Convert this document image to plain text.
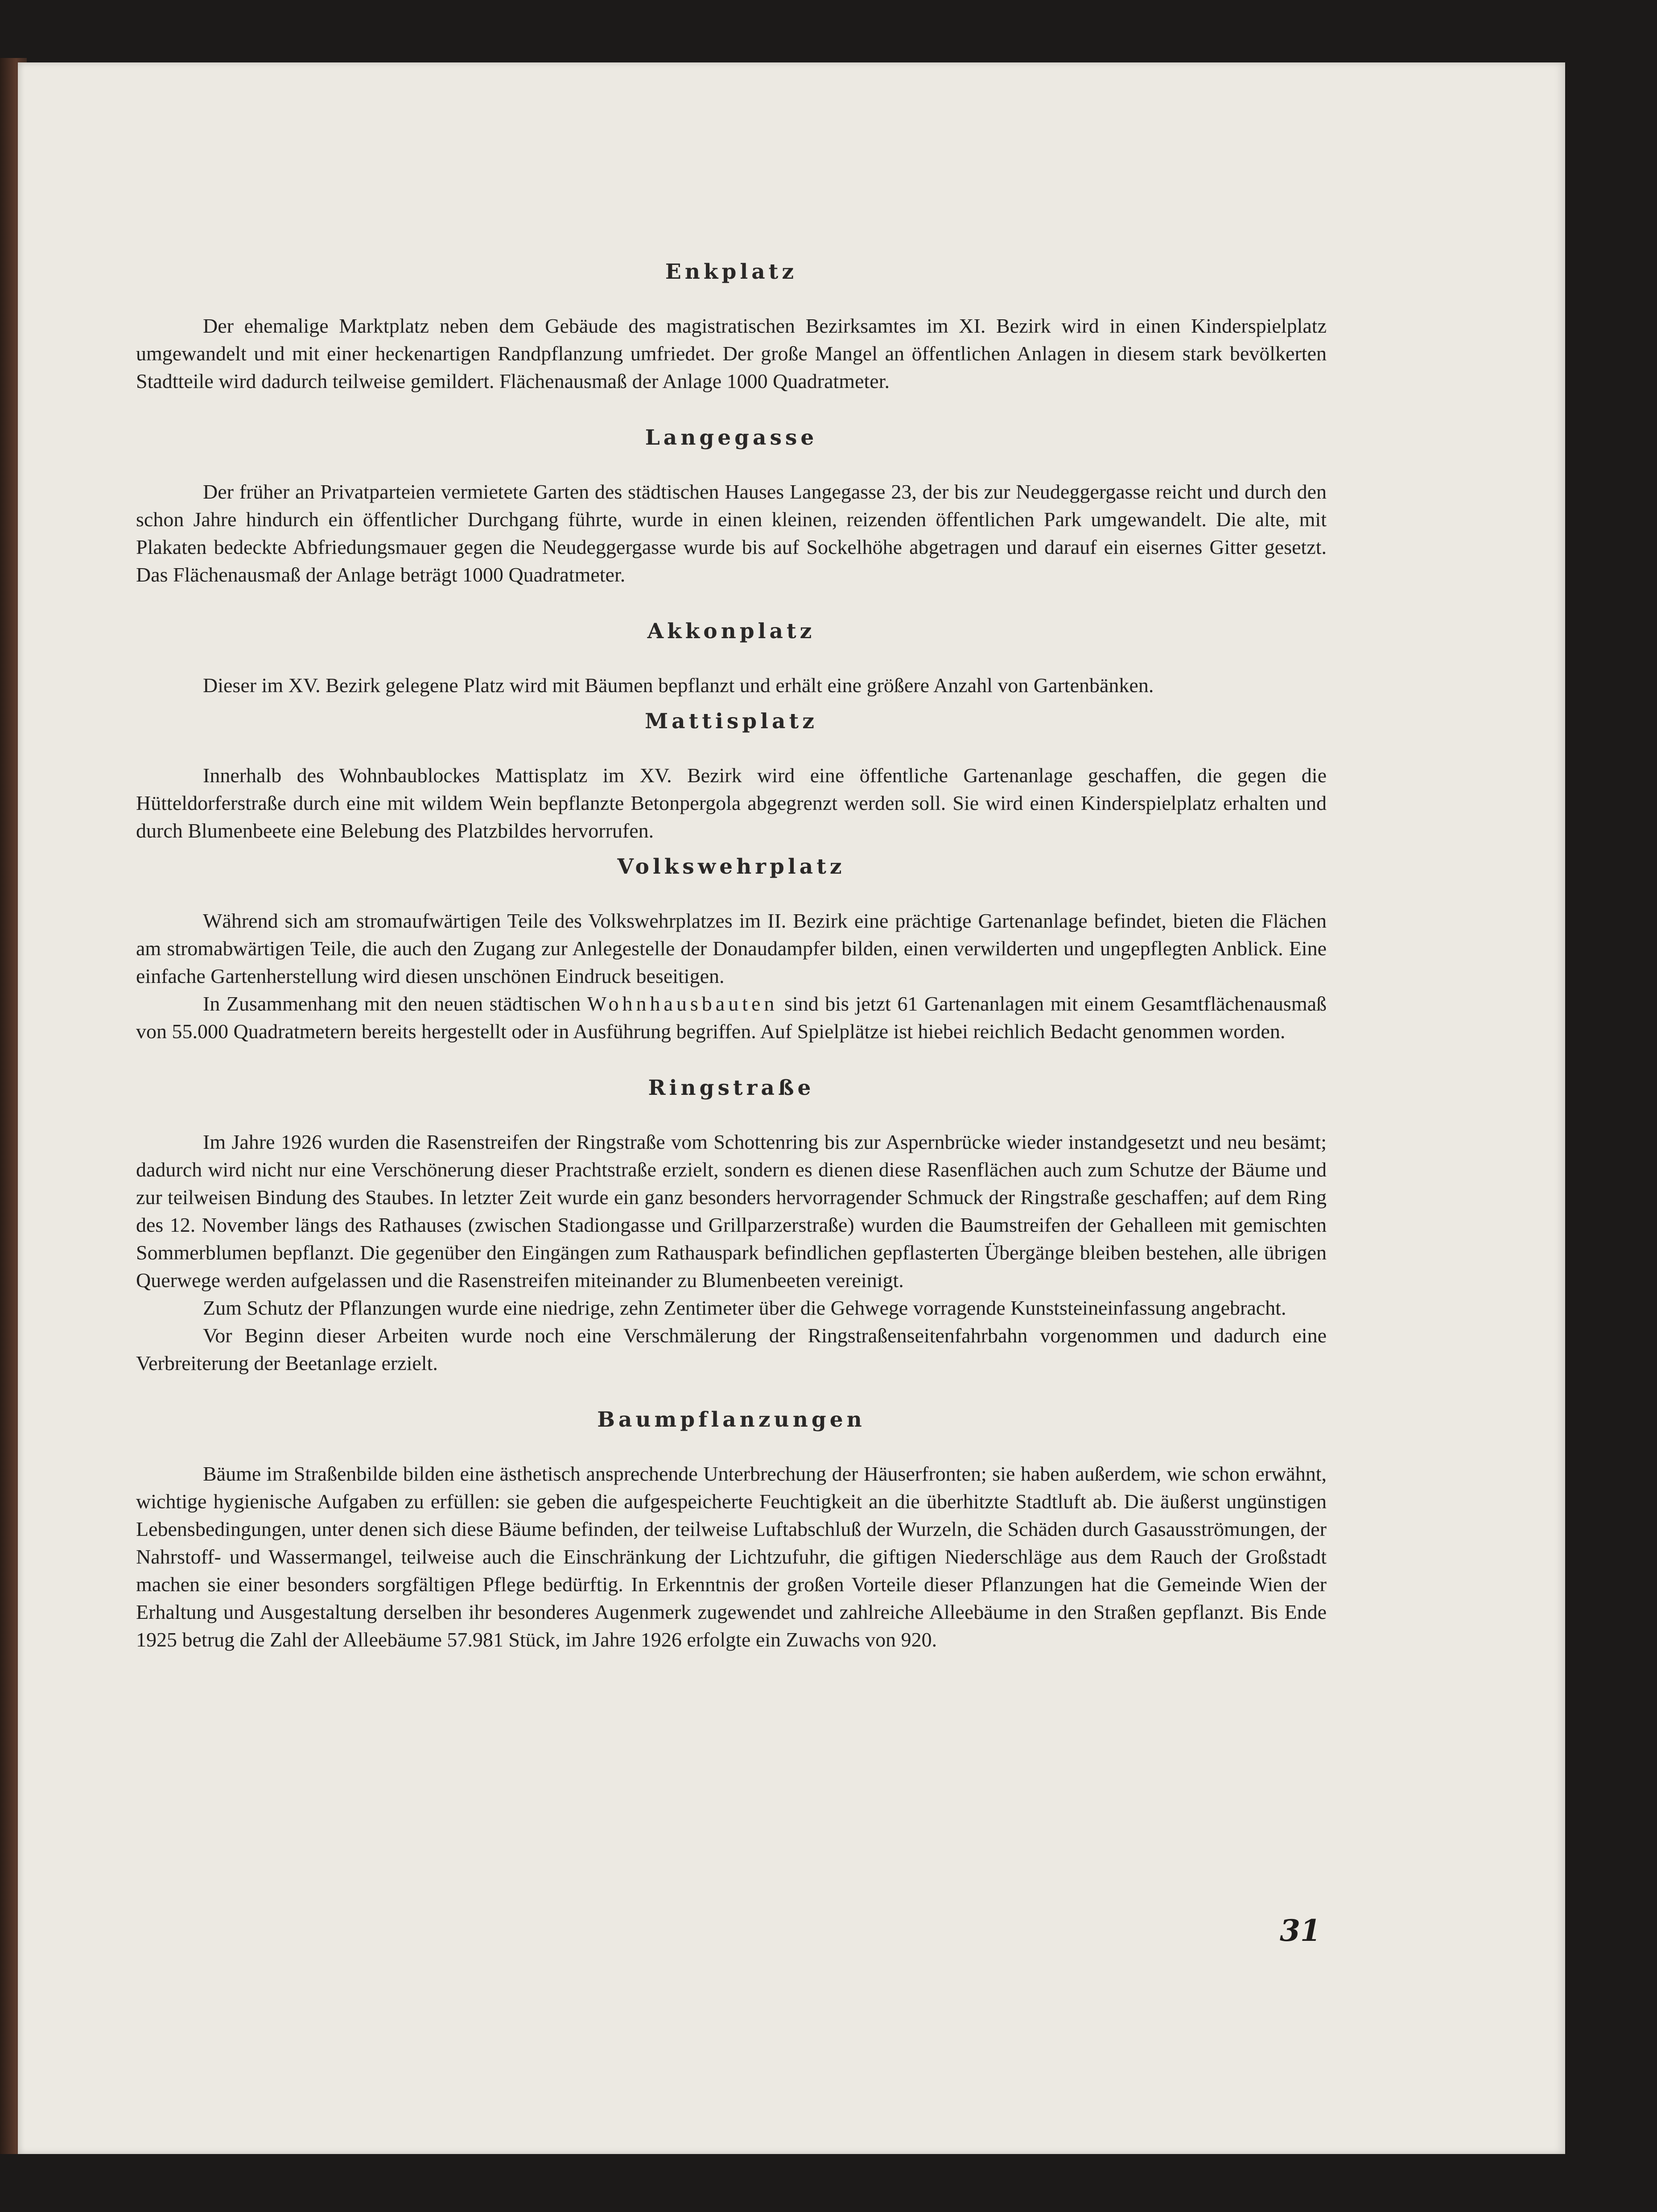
Enkplatz

Der ehemalige Marktplatz neben dem Gebäude des magistratischen Bezirksamtes im XI. Bezirk wird in einen Kinderspielplatz umgewandelt und mit einer heckenartigen Randpflanzung umfriedet. Der große Mangel an öffentlichen Anlagen in diesem stark bevölkerten Stadtteile wird dadurch teilweise gemildert. Flächenausmaß der Anlage 1000 Quadratmeter.

Langegasse

Der früher an Privatparteien vermietete Garten des städtischen Hauses Langegasse 23, der bis zur Neudeggergasse reicht und durch den schon Jahre hindurch ein öffentlicher Durchgang führte, wurde in einen kleinen, reizenden öffentlichen Park umgewandelt. Die alte, mit Plakaten bedeckte Abfriedungsmauer gegen die Neudeggergasse wurde bis auf Sockelhöhe abgetragen und darauf ein eisernes Gitter gesetzt. Das Flächenausmaß der Anlage beträgt 1000 Quadratmeter.

Akkonplatz

Dieser im XV. Bezirk gelegene Platz wird mit Bäumen bepflanzt und erhält eine größere Anzahl von Gartenbänken.

Mattisplatz

Innerhalb des Wohnbaublockes Mattisplatz im XV. Bezirk wird eine öffentliche Gartenanlage geschaffen, die gegen die Hütteldorferstraße durch eine mit wildem Wein bepflanzte Betonpergola abgegrenzt werden soll. Sie wird einen Kinderspielplatz erhalten und durch Blumenbeete eine Belebung des Platzbildes hervorrufen.

Volkswehrplatz

Während sich am stromaufwärtigen Teile des Volkswehrplatzes im II. Bezirk eine prächtige Gartenanlage befindet, bieten die Flächen am stromabwärtigen Teile, die auch den Zugang zur Anlegestelle der Donaudampfer bilden, einen verwilderten und ungepflegten Anblick. Eine einfache Gartenherstellung wird diesen unschönen Eindruck beseitigen.

In Zusammenhang mit den neuen städtischen Wohnhausbauten sind bis jetzt 61 Gartenanlagen mit einem Gesamtflächenausmaß von 55.000 Quadratmetern bereits hergestellt oder in Ausführung begriffen. Auf Spielplätze ist hiebei reichlich Bedacht genommen worden.

Ringstraße

Im Jahre 1926 wurden die Rasenstreifen der Ringstraße vom Schottenring bis zur Aspernbrücke wieder instandgesetzt und neu besämt; dadurch wird nicht nur eine Verschönerung dieser Prachtstraße erzielt, sondern es dienen diese Rasenflächen auch zum Schutze der Bäume und zur teilweisen Bindung des Staubes. In letzter Zeit wurde ein ganz besonders hervorragender Schmuck der Ringstraße geschaffen; auf dem Ring des 12. November längs des Rathauses (zwischen Stadiongasse und Grillparzerstraße) wurden die Baumstreifen der Gehalleen mit gemischten Sommerblumen bepflanzt. Die gegenüber den Eingängen zum Rathauspark befindlichen gepflasterten Übergänge bleiben bestehen, alle übrigen Querwege werden aufgelassen und die Rasenstreifen miteinander zu Blumenbeeten vereinigt.

Zum Schutz der Pflanzungen wurde eine niedrige, zehn Zentimeter über die Gehwege vorragende Kunststeineinfassung angebracht.

Vor Beginn dieser Arbeiten wurde noch eine Verschmälerung der Ringstraßenseitenfahrbahn vorgenommen und dadurch eine Verbreiterung der Beetanlage erzielt.

Baumpflanzungen

Bäume im Straßenbilde bilden eine ästhetisch ansprechende Unterbrechung der Häuserfronten; sie haben außerdem, wie schon erwähnt, wichtige hygienische Aufgaben zu erfüllen: sie geben die aufgespeicherte Feuchtigkeit an die überhitzte Stadtluft ab. Die äußerst ungünstigen Lebensbedingungen, unter denen sich diese Bäume befinden, der teilweise Luftabschluß der Wurzeln, die Schäden durch Gasausströmungen, der Nahrstoff- und Wassermangel, teilweise auch die Einschränkung der Lichtzufuhr, die giftigen Niederschläge aus dem Rauch der Großstadt machen sie einer besonders sorgfältigen Pflege bedürftig. In Erkenntnis der großen Vorteile dieser Pflanzungen hat die Gemeinde Wien der Erhaltung und Ausgestaltung derselben ihr besonderes Augenmerk zugewendet und zahlreiche Alleebäume in den Straßen gepflanzt. Bis Ende 1925 betrug die Zahl der Alleebäume 57.981 Stück, im Jahre 1926 erfolgte ein Zuwachs von 920.

31
